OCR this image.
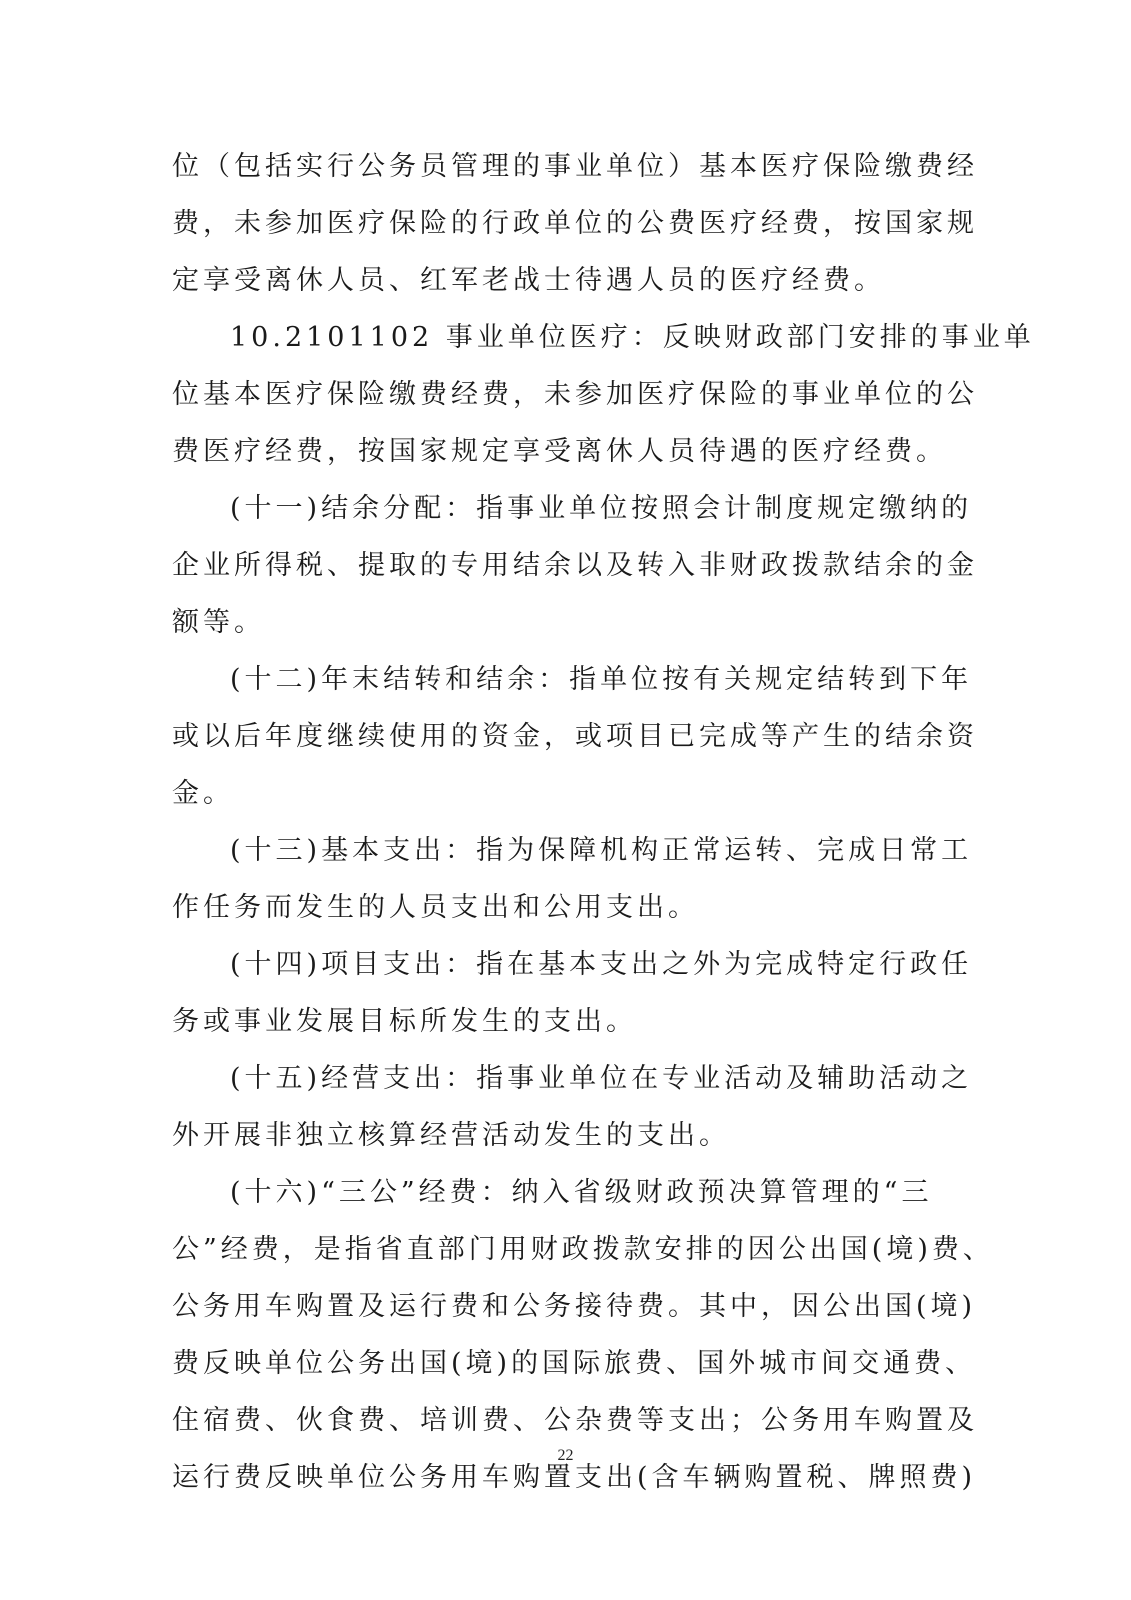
位（包括实行公务员管理的事业单位）基本医疗保险缴费经
费，未参加医疗保险的行政单位的公费医疗经费，按国家规
定享受离休人员、红军老战士待遇人员的医疗经费。
10.2101102 事业单位医疗：反映财政部门安排的事业单
位基本医疗保险缴费经费，未参加医疗保险的事业单位的公
费医疗经费，按国家规定享受离休人员待遇的医疗经费。
(十一)结余分配：指事业单位按照会计制度规定缴纳的
企业所得税、提取的专用结余以及转入非财政拨款结余的金
额等。
(十二)年末结转和结余：指单位按有关规定结转到下年
或以后年度继续使用的资金，或项目已完成等产生的结余资
金。
(十三)基本支出：指为保障机构正常运转、完成日常工
作任务而发生的人员支出和公用支出。
(十四)项目支出：指在基本支出之外为完成特定行政任
务或事业发展目标所发生的支出。
(十五)经营支出：指事业单位在专业活动及辅助活动之
外开展非独立核算经营活动发生的支出。
(十六)“三公”经费：纳入省级财政预决算管理的“三
公”经费，是指省直部门用财政拨款安排的因公出国(境)费、
公务用车购置及运行费和公务接待费。其中，因公出国(境)
费反映单位公务出国(境)的国际旅费、国外城市间交通费、
住宿费、伙食费、培训费、公杂费等支出；公务用车购置及
运行费反映单位公务用车购置支出(含车辆购置税、牌照费)
22
